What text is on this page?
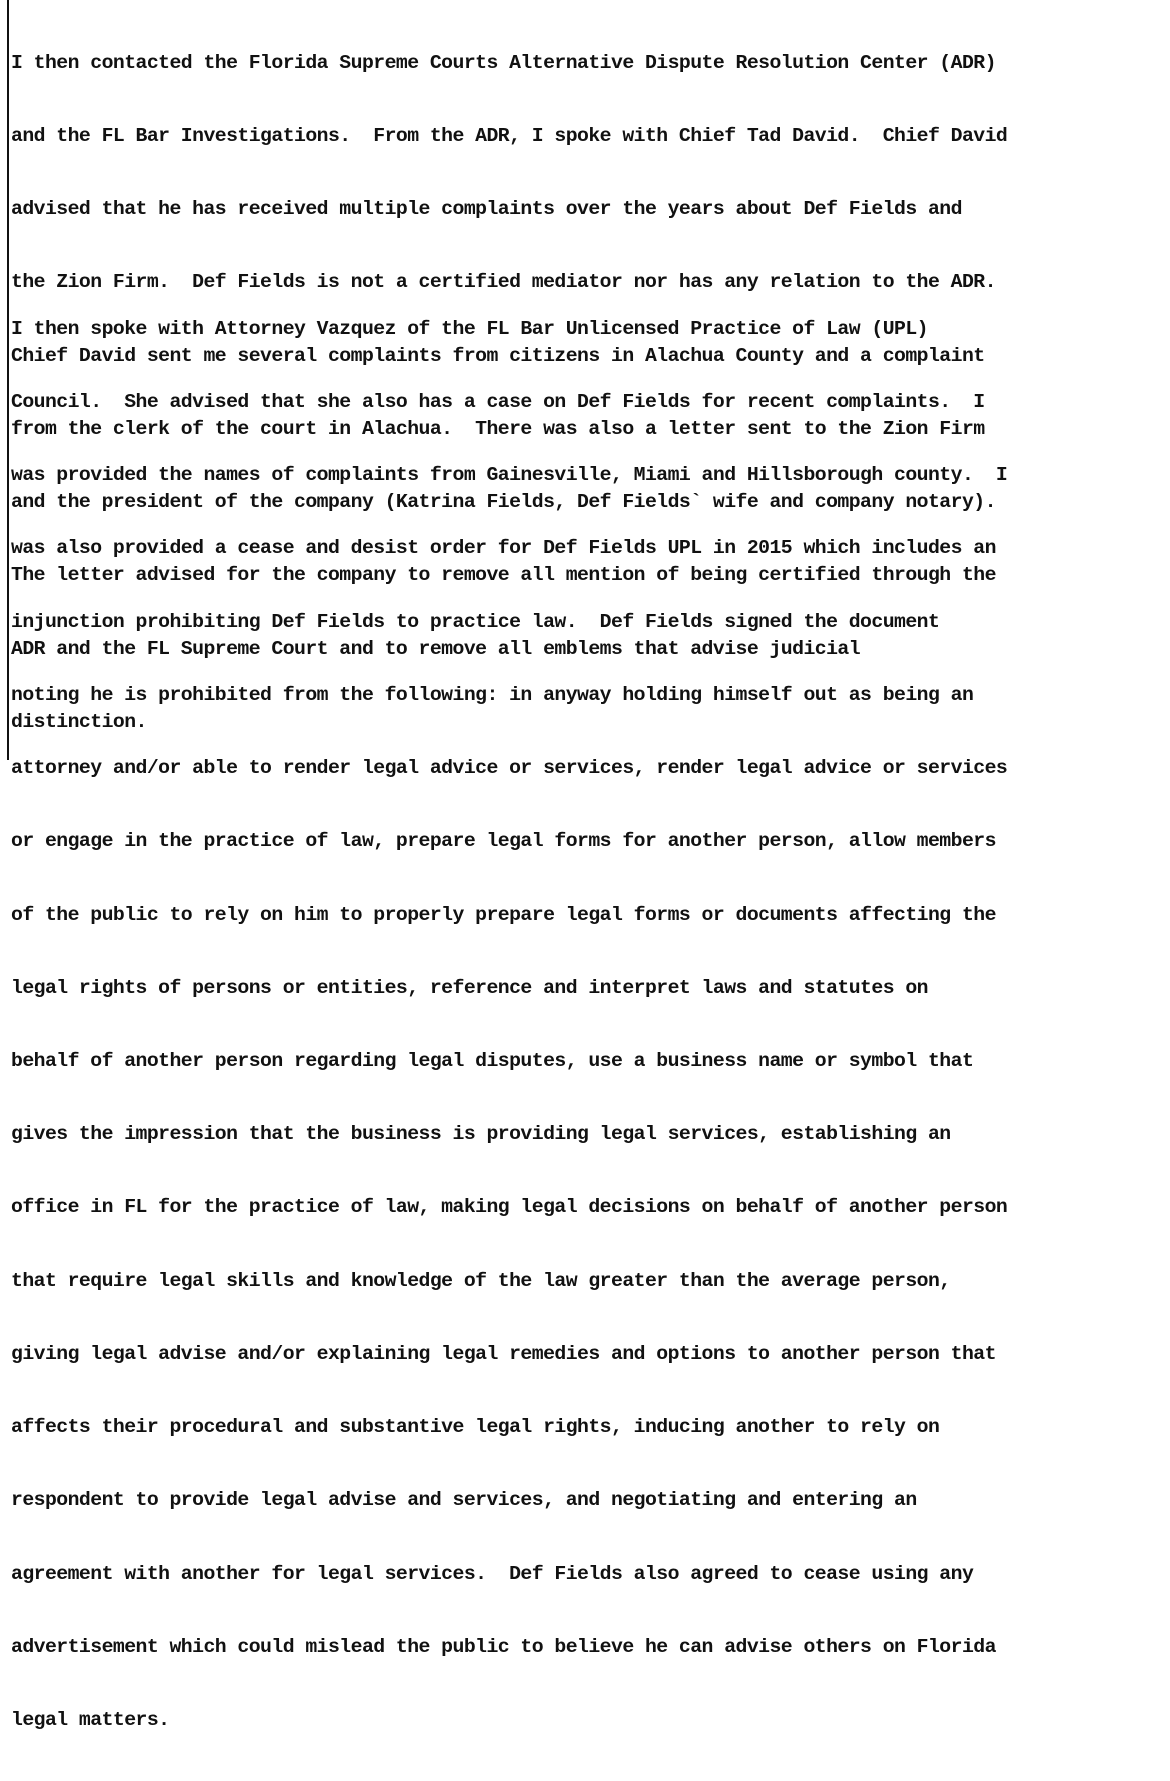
I then contacted the Florida Supreme Courts Alternative Dispute Resolution Center (ADR)

and the FL Bar Investigations.  From the ADR, I spoke with Chief Tad David.  Chief David

advised that he has received multiple complaints over the years about Def Fields and

the Zion Firm.  Def Fields is not a certified mediator nor has any relation to the ADR.

Chief David sent me several complaints from citizens in Alachua County and a complaint

from the clerk of the court in Alachua.  There was also a letter sent to the Zion Firm

and the president of the company (Katrina Fields, Def Fields` wife and company notary).

The letter advised for the company to remove all mention of being certified through the

ADR and the FL Supreme Court and to remove all emblems that advise judicial

distinction.

I then spoke with Attorney Vazquez of the FL Bar Unlicensed Practice of Law (UPL)

Council.  She advised that she also has a case on Def Fields for recent complaints.  I

was provided the names of complaints from Gainesville, Miami and Hillsborough county.  I

was also provided a cease and desist order for Def Fields UPL in 2015 which includes an

injunction prohibiting Def Fields to practice law.  Def Fields signed the document

noting he is prohibited from the following: in anyway holding himself out as being an

attorney and/or able to render legal advice or services, render legal advice or services

or engage in the practice of law, prepare legal forms for another person, allow members

of the public to rely on him to properly prepare legal forms or documents affecting the

legal rights of persons or entities, reference and interpret laws and statutes on

behalf of another person regarding legal disputes, use a business name or symbol that

gives the impression that the business is providing legal services, establishing an

office in FL for the practice of law, making legal decisions on behalf of another person

that require legal skills and knowledge of the law greater than the average person,

giving legal advise and/or explaining legal remedies and options to another person that

affects their procedural and substantive legal rights, inducing another to rely on

respondent to provide legal advise and services, and negotiating and entering an

agreement with another for legal services.  Def Fields also agreed to cease using any

advertisement which could mislead the public to believe he can advise others on Florida

legal matters.
